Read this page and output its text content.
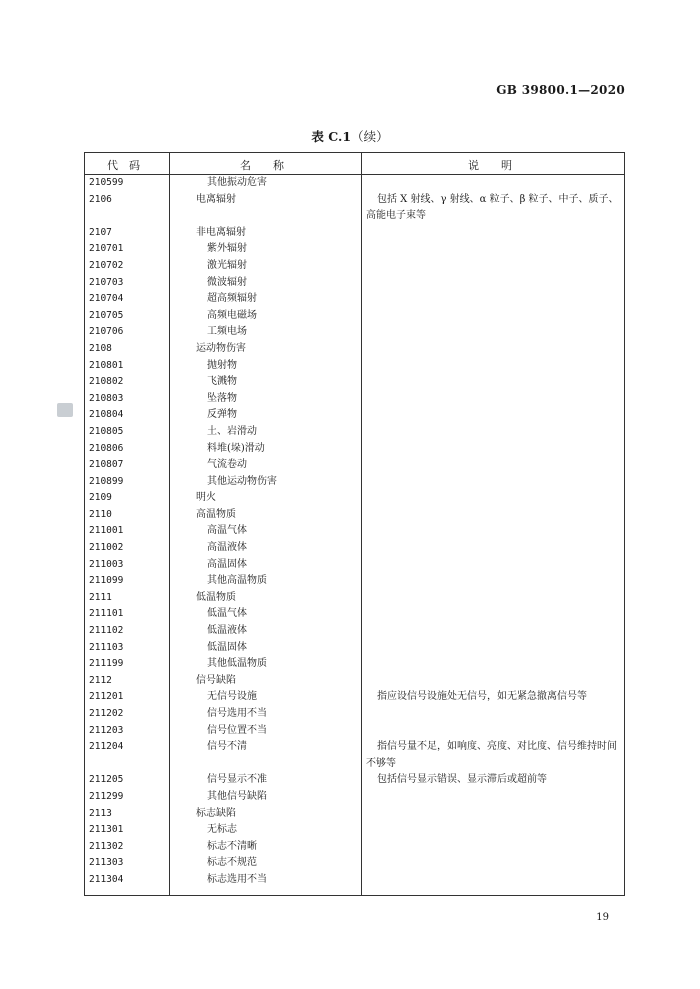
GB 39800.1—2020
表 C.1（续）
代　码	名　　称	说　　明
210599	其他振动危害
2106	电离辐射	包括 X 射线、γ 射线、α 粒子、β 粒子、中子、质子、高能电子束等
2107	非电离辐射
210701	紫外辐射
210702	激光辐射
210703	微波辐射
210704	超高频辐射
210705	高频电磁场
210706	工频电场
2108	运动物伤害
210801	抛射物
210802	飞溅物
210803	坠落物
210804	反弹物
210805	土、岩滑动
210806	料堆(垛)滑动
210807	气流卷动
210899	其他运动物伤害
2109	明火
2110	高温物质
211001	高温气体
211002	高温液体
211003	高温固体
211099	其他高温物质
2111	低温物质
211101	低温气体
211102	低温液体
211103	低温固体
211199	其他低温物质
2112	信号缺陷
211201	无信号设施	指应设信号设施处无信号，如无紧急撤离信号等
211202	信号选用不当
211203	信号位置不当
211204	信号不清	指信号量不足，如响度、亮度、对比度、信号维持时间不够等
211205	信号显示不准	包括信号显示错误、显示滞后或超前等
211299	其他信号缺陷
2113	标志缺陷
211301	无标志
211302	标志不清晰
211303	标志不规范
211304	标志选用不当
19
